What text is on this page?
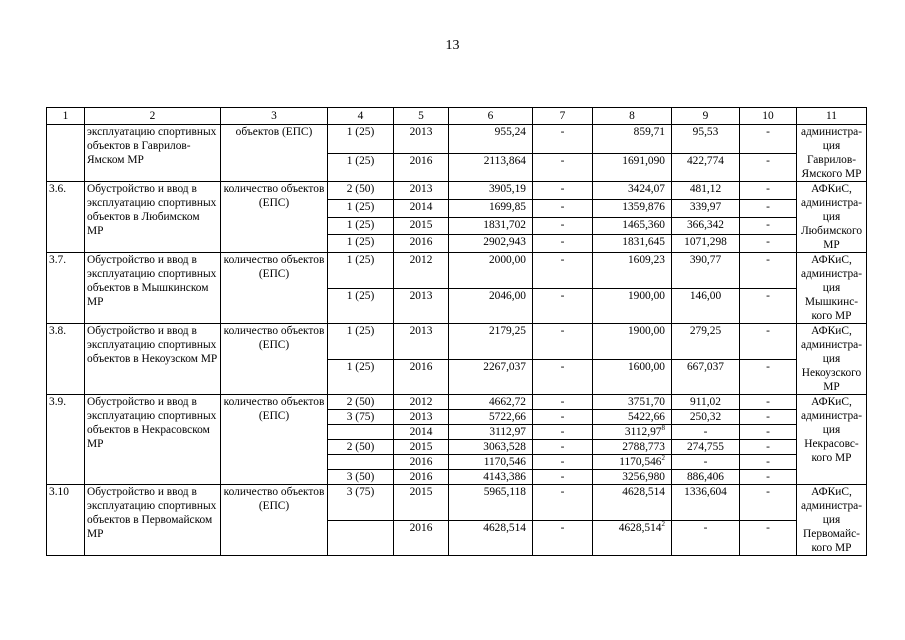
13
1	2	3	4	5	6	7	8	9	10	11
	эксплуатацию спортивных объектов в Гаврилов-Ямском МР	объектов (ЕПС)	1 (25)	2013	955,24	-	859,71	95,53	-	администра-ция Гаврилов-Ямского МР
			1 (25)	2016	2113,864	-	1691,090	422,774	-	
3.6.	Обустройство и ввод в эксплуатацию спортивных объектов в Любимском МР	количество объектов (ЕПС)	2 (50)	2013	3905,19	-	3424,07	481,12	-	АФКиС, администра-ция Любимского МР
			1 (25)	2014	1699,85	-	1359,876	339,97	-	
			1 (25)	2015	1831,702	-	1465,360	366,342	-	
			1 (25)	2016	2902,943	-	1831,645	1071,298	-	
3.7.	Обустройство и ввод в эксплуатацию спортивных объектов в Мышкинском МР	количество объектов (ЕПС)	1 (25)	2012	2000,00	-	1609,23	390,77	-	АФКиС, администра-ция Мышкинс-кого МР
			1 (25)	2013	2046,00	-	1900,00	146,00	-	
3.8.	Обустройство и ввод в эксплуатацию спортивных объектов в Некоузском МР	количество объектов (ЕПС)	1 (25)	2013	2179,25	-	1900,00	279,25	-	АФКиС, администра-ция Некоузского МР
			1 (25)	2016	2267,037	-	1600,00	667,037	-	
3.9.	Обустройство и ввод в эксплуатацию спортивных объектов в Некрасовском МР	количество объектов (ЕПС)	2 (50)	2012	4662,72	-	3751,70	911,02	-	АФКиС, администра-ция Некрасовс-кого МР
			3 (75)	2013	5722,66	-	5422,66	250,32	-	
				2014	3112,97	-	3112,97$^8$	-	-	
			2 (50)	2015	3063,528	-	2788,773	274,755	-	
				2016	1170,546	-	1170,546$^2$	-	-	
			3 (50)	2016	4143,386	-	3256,980	886,406	-	
3.10	Обустройство и ввод в эксплуатацию спортивных объектов в Первомайском МР	количество объектов (ЕПС)	3 (75)	2015	5965,118	-	4628,514	1336,604	-	АФКиС, администра-ция Первомайс-кого МР
				2016	4628,514	-	4628,514$^2$	-	-	
